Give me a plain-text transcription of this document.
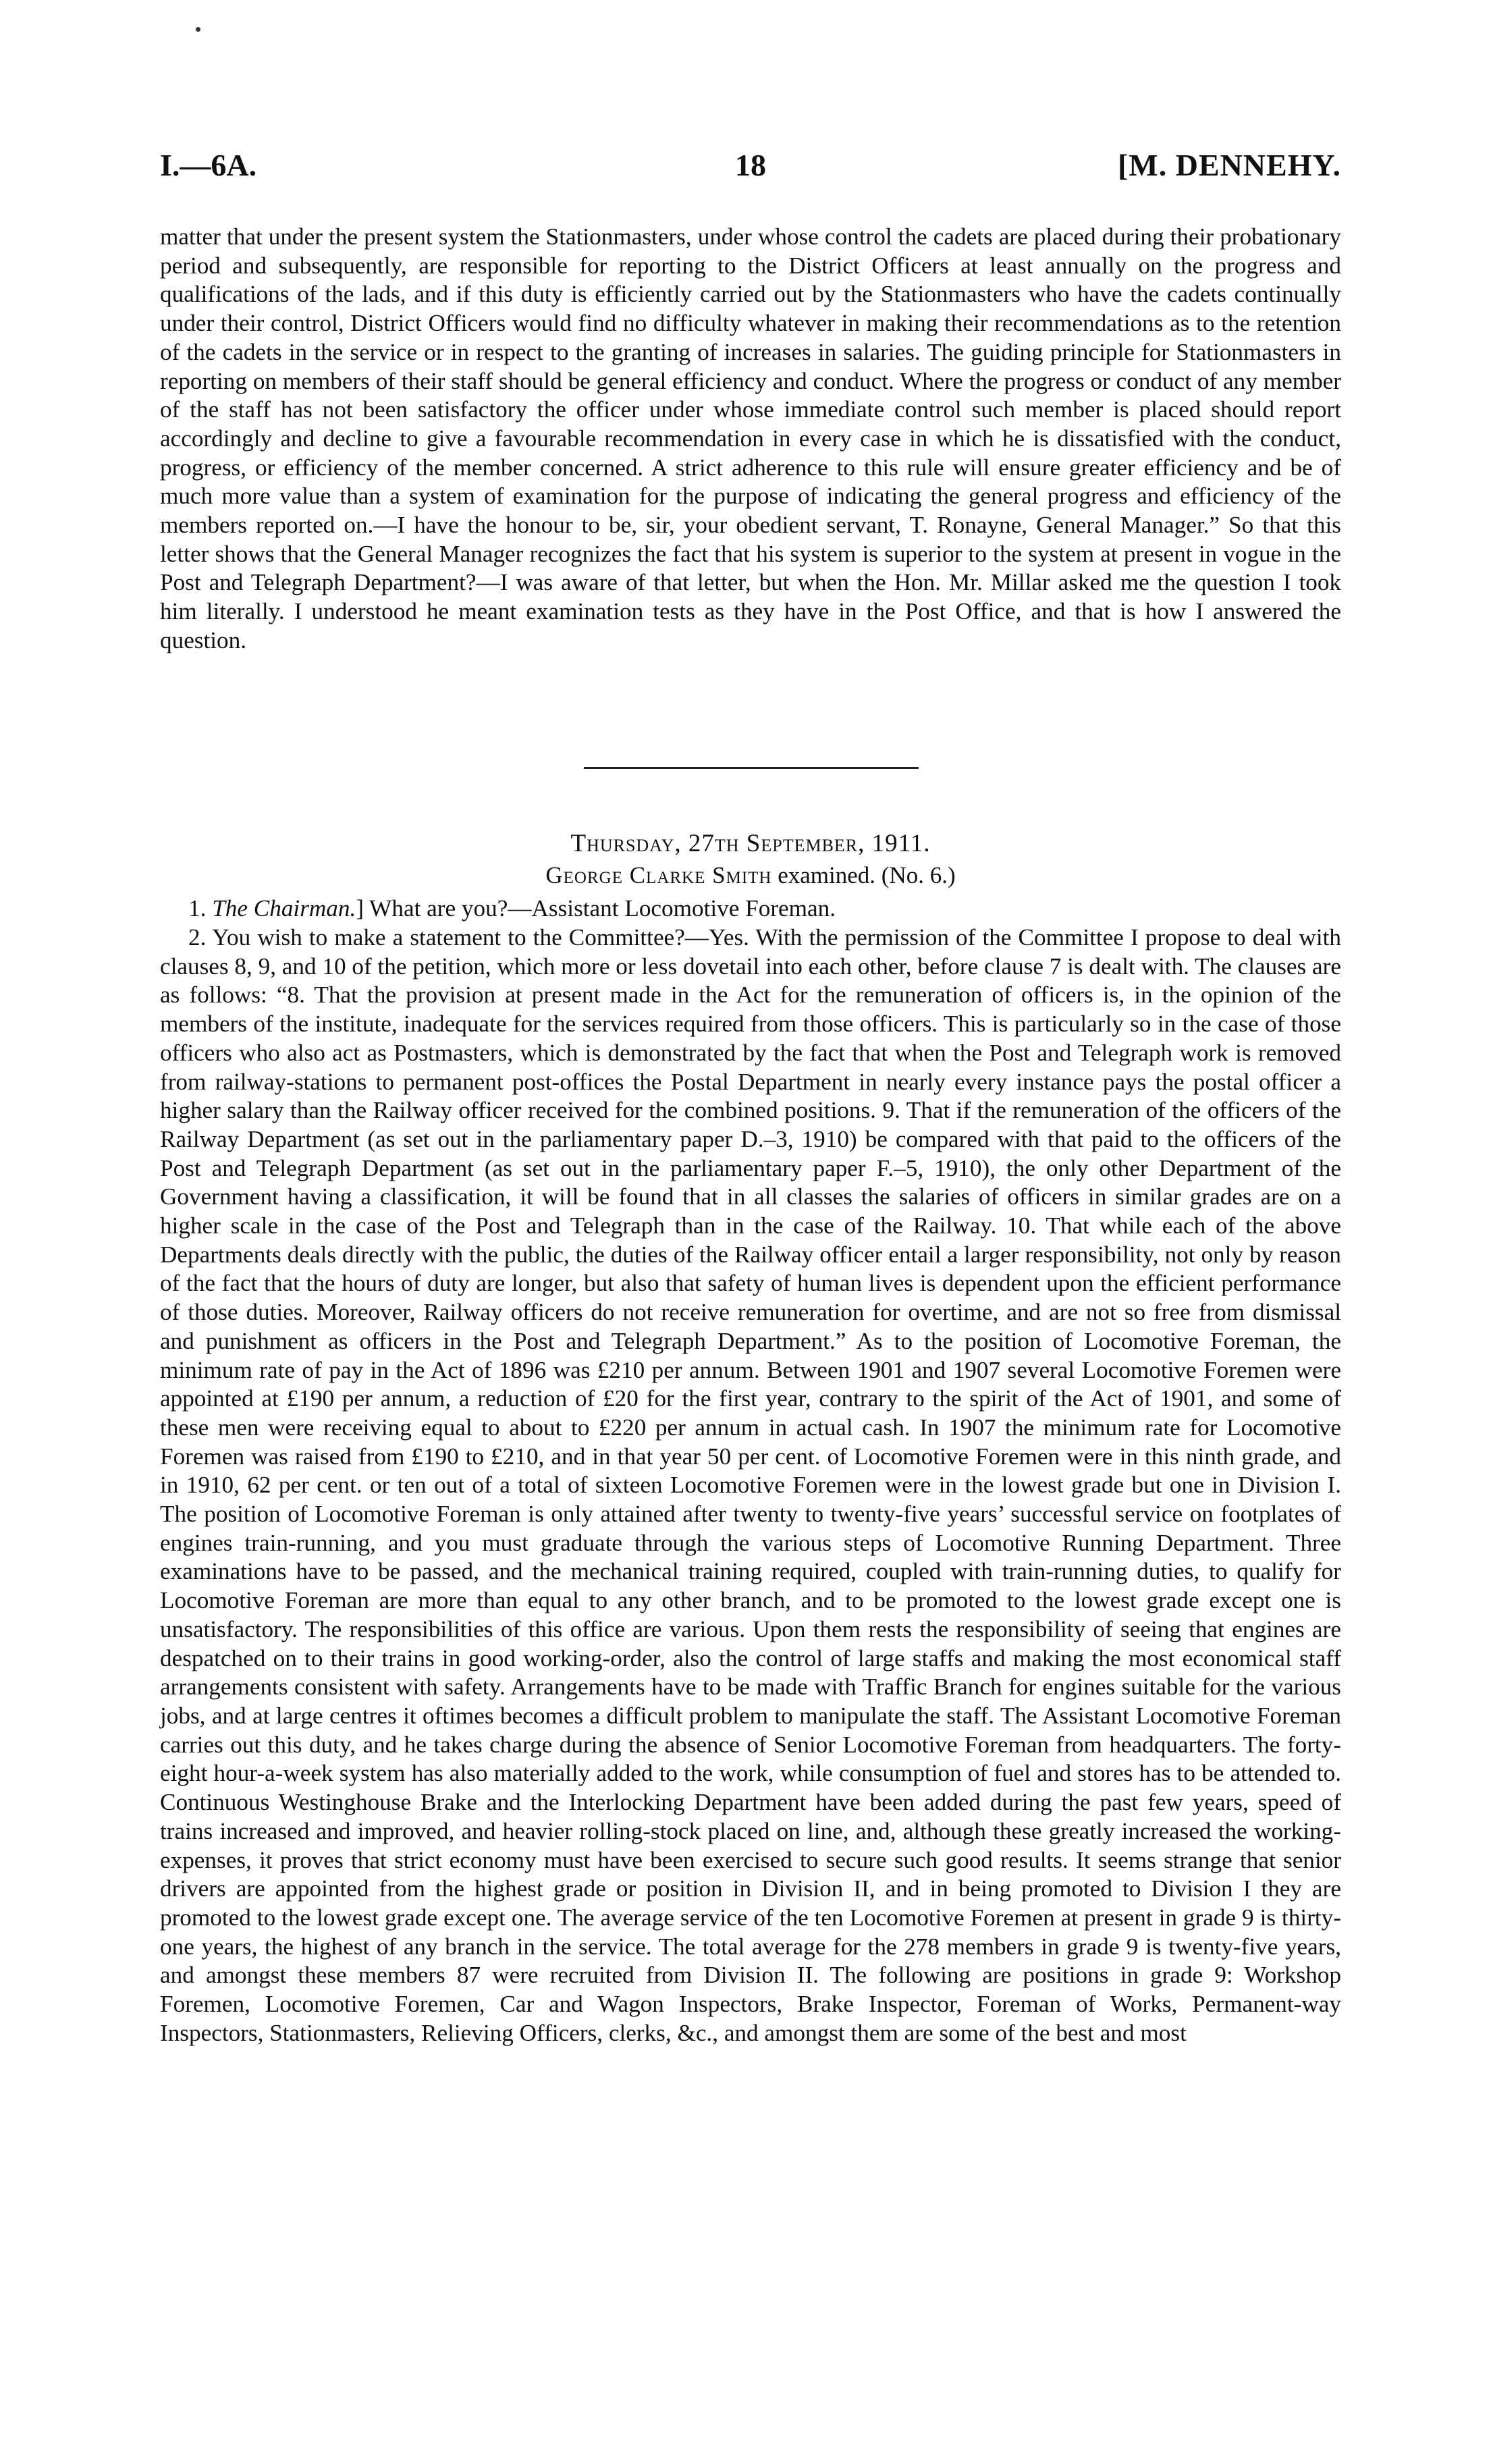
I.—6A.	18	[M. DENNEHY.
matter that under the present system the Stationmasters, under whose control the cadets are placed during their probationary period and subsequently, are responsible for reporting to the District Officers at least annually on the progress and qualifications of the lads, and if this duty is efficiently carried out by the Stationmasters who have the cadets continually under their control, District Officers would find no difficulty whatever in making their recommendations as to the retention of the cadets in the service or in respect to the granting of increases in salaries. The guiding principle for Stationmasters in reporting on members of their staff should be general efficiency and conduct. Where the progress or conduct of any member of the staff has not been satisfactory the officer under whose immediate control such member is placed should report accordingly and decline to give a favourable recommendation in every case in which he is dissatisfied with the conduct, progress, or efficiency of the member concerned. A strict adherence to this rule will ensure greater efficiency and be of much more value than a system of examination for the purpose of indicating the general progress and efficiency of the members reported on.—I have the honour to be, sir, your obedient servant, T. Ronayne, General Manager.” So that this letter shows that the General Manager recognizes the fact that his system is superior to the system at present in vogue in the Post and Telegraph Department?—I was aware of that letter, but when the Hon. Mr. Millar asked me the question I took him literally. I understood he meant examination tests as they have in the Post Office, and that is how I answered the question.
Thursday, 27th September, 1911.
George Clarke Smith examined. (No. 6.)
1. The Chairman.] What are you?—Assistant Locomotive Foreman.
2. You wish to make a statement to the Committee?—Yes. With the permission of the Committee I propose to deal with clauses 8, 9, and 10 of the petition, which more or less dovetail into each other, before clause 7 is dealt with. The clauses are as follows: “8. That the provision at present made in the Act for the remuneration of officers is, in the opinion of the members of the institute, inadequate for the services required from those officers. This is particularly so in the case of those officers who also act as Postmasters, which is demonstrated by the fact that when the Post and Telegraph work is removed from railway-stations to permanent post-offices the Postal Department in nearly every instance pays the postal officer a higher salary than the Railway officer received for the combined positions. 9. That if the remuneration of the officers of the Railway Department (as set out in the parliamentary paper D.–3, 1910) be compared with that paid to the officers of the Post and Telegraph Department (as set out in the parliamentary paper F.–5, 1910), the only other Department of the Government having a classification, it will be found that in all classes the salaries of officers in similar grades are on a higher scale in the case of the Post and Telegraph than in the case of the Railway. 10. That while each of the above Departments deals directly with the public, the duties of the Railway officer entail a larger responsibility, not only by reason of the fact that the hours of duty are longer, but also that safety of human lives is dependent upon the efficient performance of those duties. Moreover, Railway officers do not receive remuneration for overtime, and are not so free from dismissal and punishment as officers in the Post and Telegraph Department.” As to the position of Locomotive Foreman, the minimum rate of pay in the Act of 1896 was £210 per annum. Between 1901 and 1907 several Locomotive Foremen were appointed at £190 per annum, a reduction of £20 for the first year, contrary to the spirit of the Act of 1901, and some of these men were receiving equal to about to £220 per annum in actual cash. In 1907 the minimum rate for Locomotive Foremen was raised from £190 to £210, and in that year 50 per cent. of Locomotive Foremen were in this ninth grade, and in 1910, 62 per cent. or ten out of a total of sixteen Locomotive Foremen were in the lowest grade but one in Division I. The position of Locomotive Foreman is only attained after twenty to twenty-five years’ successful service on footplates of engines train-running, and you must graduate through the various steps of Locomotive Running Department. Three examinations have to be passed, and the mechanical training required, coupled with train-running duties, to qualify for Locomotive Foreman are more than equal to any other branch, and to be promoted to the lowest grade except one is unsatisfactory. The responsibilities of this office are various. Upon them rests the responsibility of seeing that engines are despatched on to their trains in good working-order, also the control of large staffs and making the most economical staff arrangements consistent with safety. Arrangements have to be made with Traffic Branch for engines suitable for the various jobs, and at large centres it oftimes becomes a difficult problem to manipulate the staff. The Assistant Locomotive Foreman carries out this duty, and he takes charge during the absence of Senior Locomotive Foreman from headquarters. The forty-eight hour-a-week system has also materially added to the work, while consumption of fuel and stores has to be attended to. Continuous Westinghouse Brake and the Interlocking Department have been added during the past few years, speed of trains increased and improved, and heavier rolling-stock placed on line, and, although these greatly increased the working-expenses, it proves that strict economy must have been exercised to secure such good results. It seems strange that senior drivers are appointed from the highest grade or position in Division II, and in being promoted to Division I they are promoted to the lowest grade except one. The average service of the ten Locomotive Foremen at present in grade 9 is thirty-one years, the highest of any branch in the service. The total average for the 278 members in grade 9 is twenty-five years, and amongst these members 87 were recruited from Division II. The following are positions in grade 9: Workshop Foremen, Locomotive Foremen, Car and Wagon Inspectors, Brake Inspector, Foreman of Works, Permanent-way Inspectors, Stationmasters, Relieving Officers, clerks, &c., and amongst them are some of the best and most
